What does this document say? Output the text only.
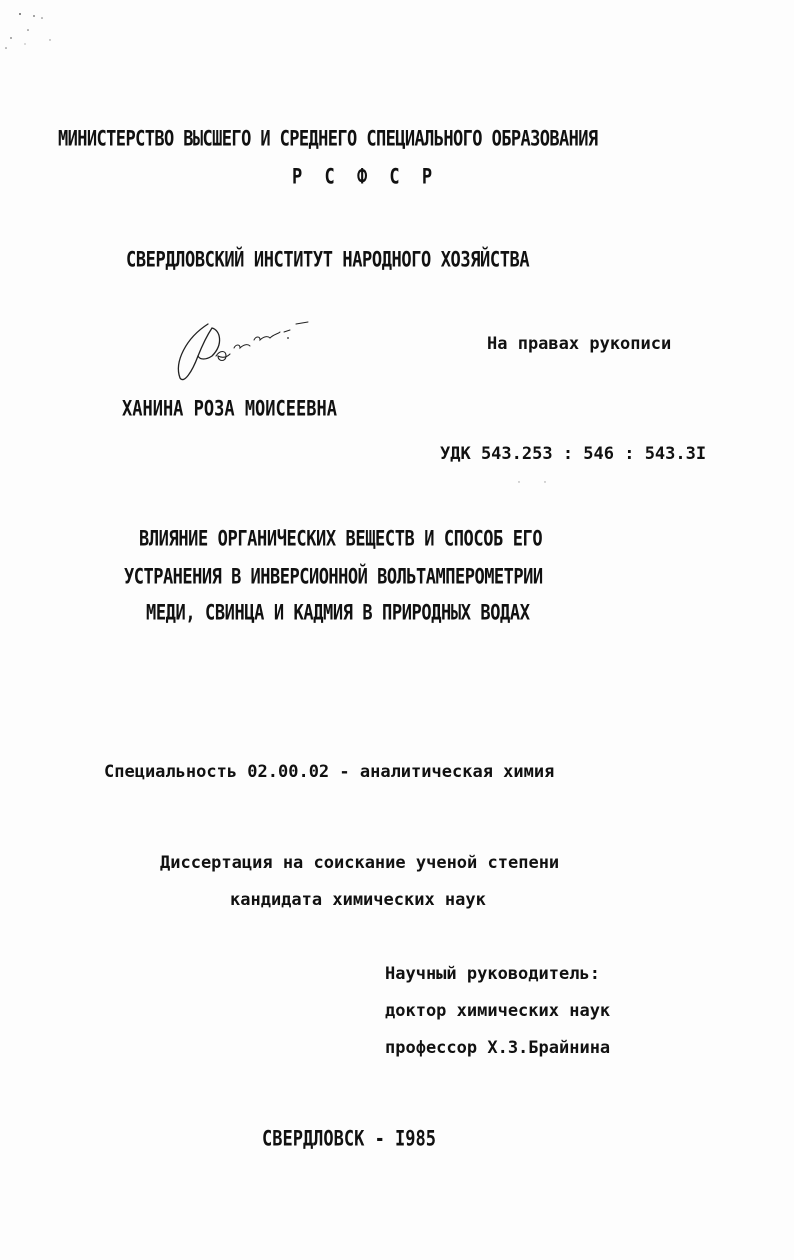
МИНИСТЕРСТВО ВЫСШЕГО И СРЕДНЕГО СПЕЦИАЛЬНОГО ОБРАЗОВАНИЯ
Р С Ф С Р
СВЕРДЛОВСКИЙ ИНСТИТУТ НАРОДНОГО ХОЗЯЙСТВА
На правах рукописи
ХАНИНА РОЗА МОИСЕЕВНА
УДК 543.253 : 546 : 543.3I
ВЛИЯНИЕ ОРГАНИЧЕСКИХ ВЕЩЕСТВ И СПОСОБ ЕГО
УСТРАНЕНИЯ В ИНВЕРСИОННОЙ ВОЛЬТАМПЕРОМЕТРИИ
МЕДИ, СВИНЦА И КАДМИЯ В ПРИРОДНЫХ ВОДАХ
Специальность 02.00.02 - аналитическая химия
Диссертация на соискание ученой степени
кандидата химических наук
Научный руководитель:
доктор химических наук
профессор Х.З.Брайнина
СВЕРДЛОВСК - I985
